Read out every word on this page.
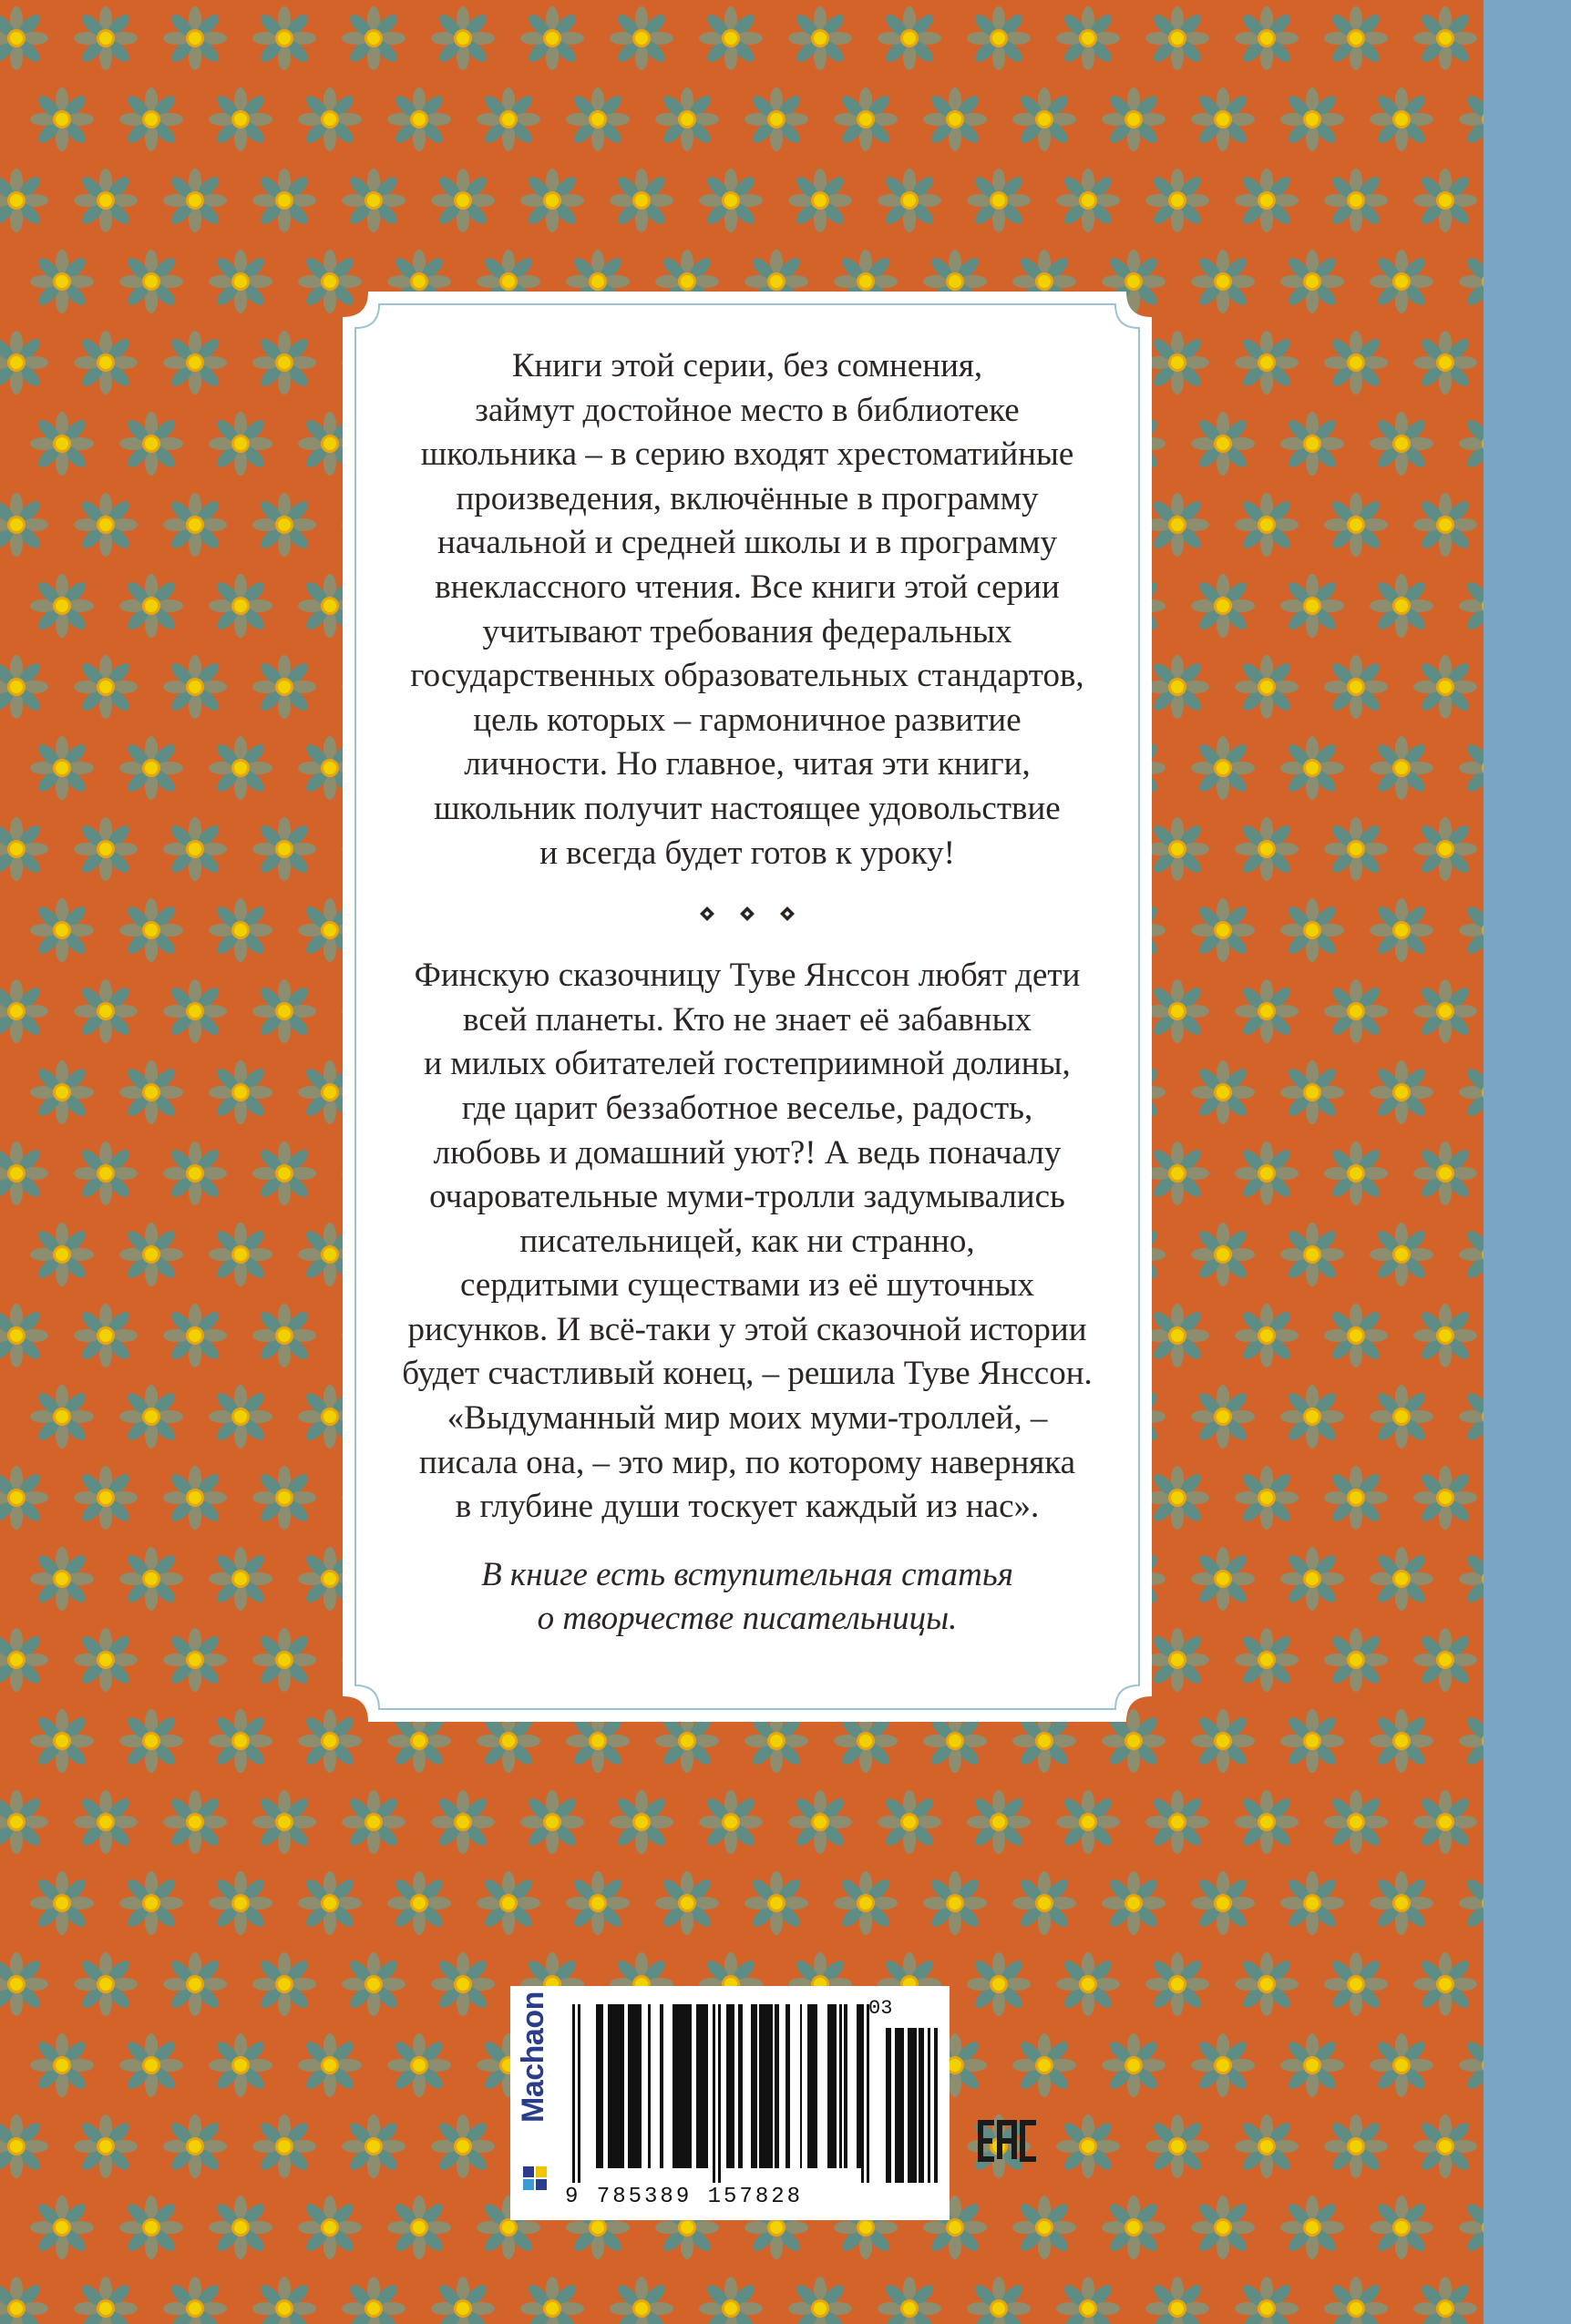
Книги этой серии, без сомнения,
займут достойное место в библиотеке
школьника – в серию входят хрестоматийные
произведения, включённые в программу
начальной и средней школы и в программу
внеклассного чтения. Все книги этой серии
учитывают требования федеральных
государственных образовательных стандартов,
цель которых – гармоничное развитие
личности. Но главное, читая эти книги,
школьник получит настоящее удовольствие
и всегда будет готов к уроку!
Финскую сказочницу Туве Янссон любят дети
всей планеты. Кто не знает её забавных
и милых обитателей гостеприимной долины,
где царит беззаботное веселье, радость,
любовь и домашний уют?! А ведь поначалу
очаровательные муми-тролли задумывались
писательницей, как ни странно,
сердитыми существами из её шуточных
рисунков. И всё-таки у этой сказочной истории
будет счастливый конец, – решила Туве Янссон.
«Выдуманный мир моих муми-троллей, –
писала она, – это мир, по которому наверняка
в глубине души тоскует каждый из нас».
В книге есть вступительная статья
о творчестве писательницы.
Machaon	03
9 785389 157828
